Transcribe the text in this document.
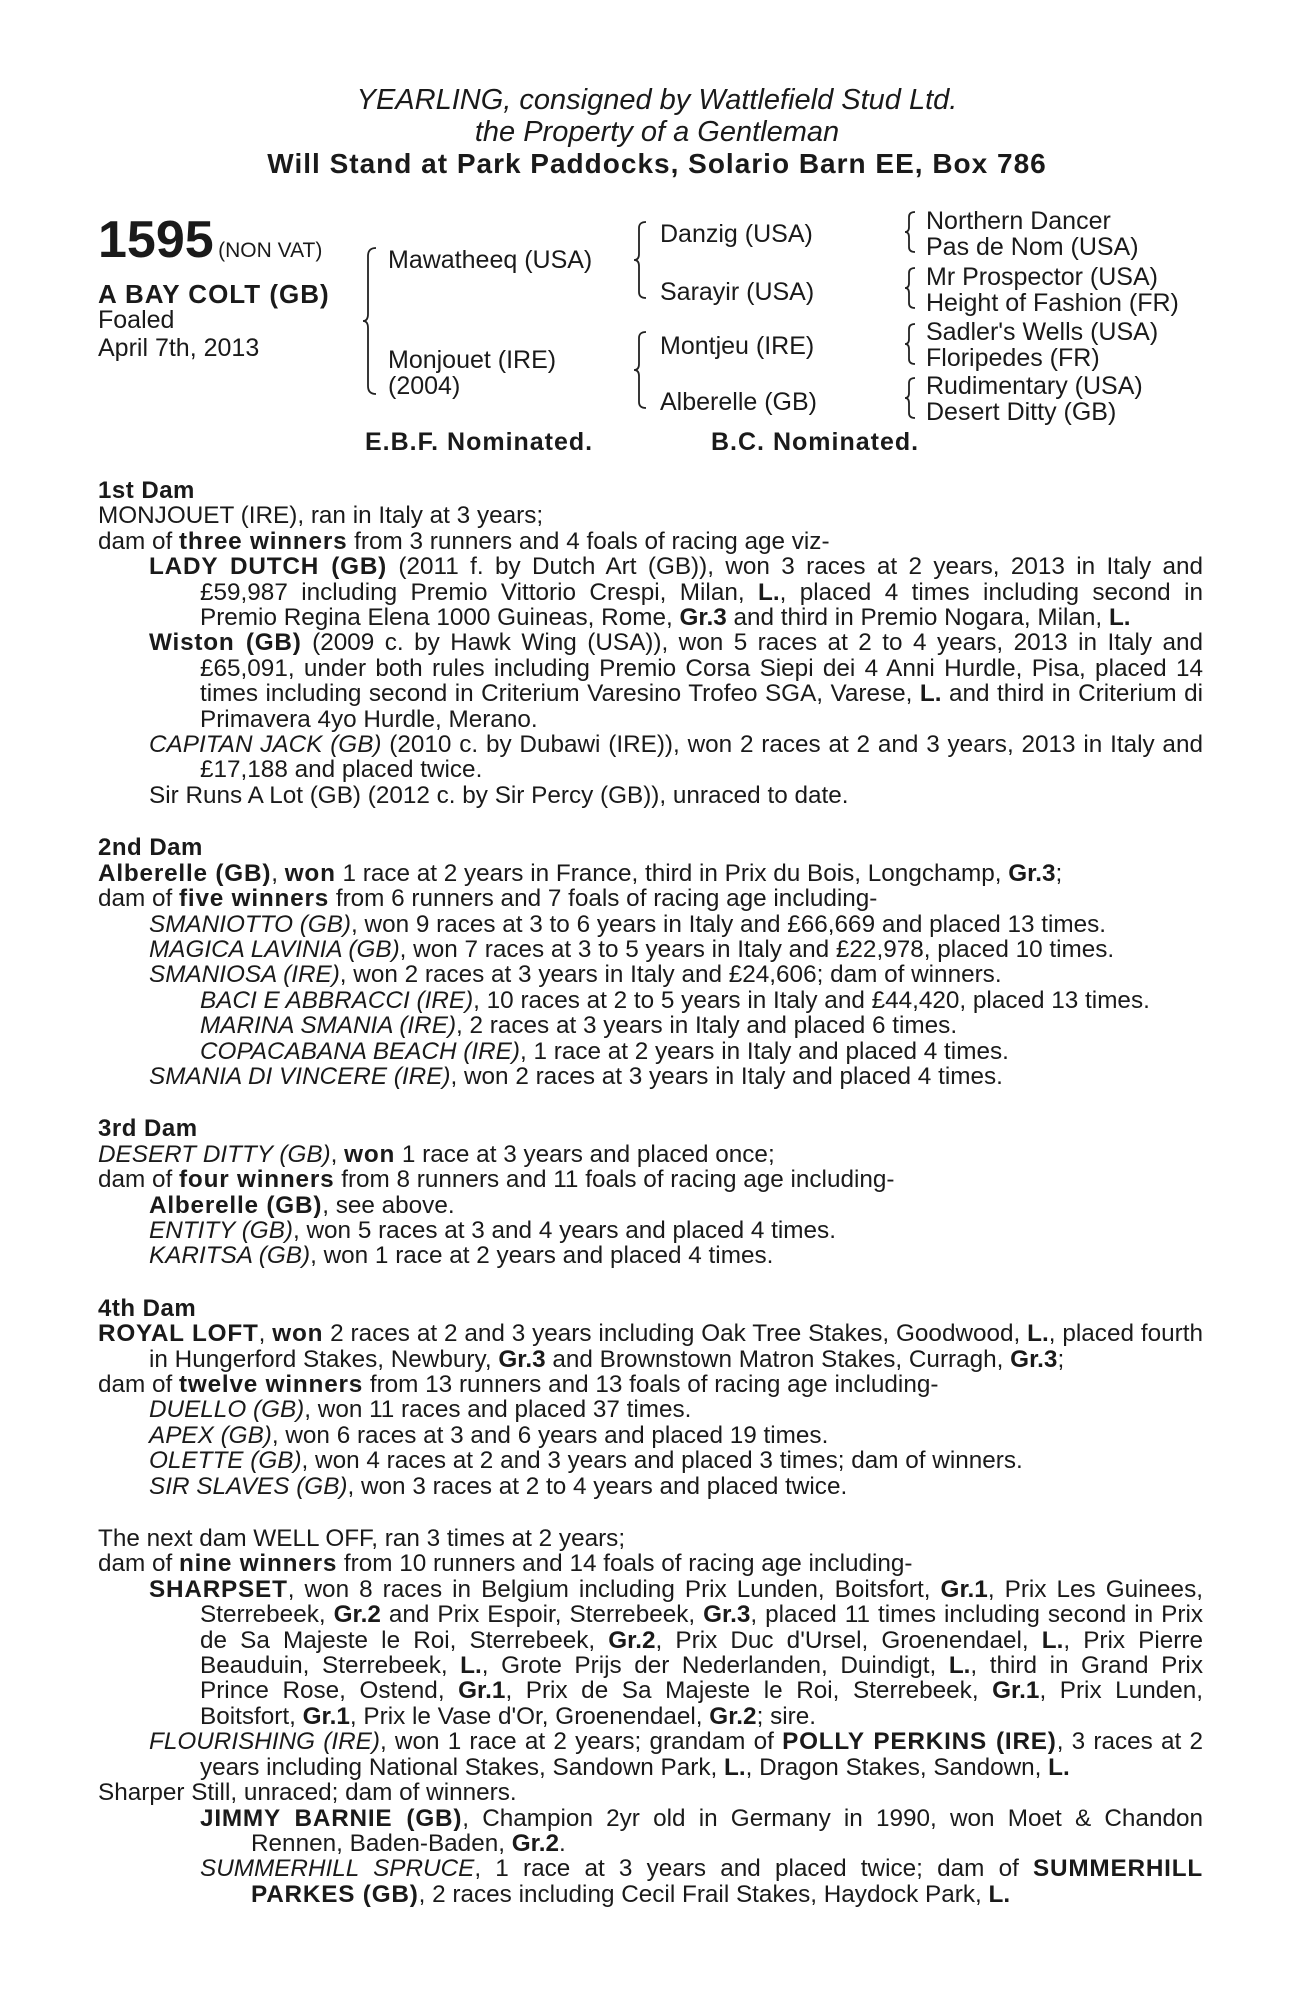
YEARLING, consigned by Wattlefield Stud Ltd.
the Property of a Gentleman
Will Stand at Park Paddocks, Solario Barn EE, Box 786
1595 (NON VAT)
A BAY COLT (GB)
Foaled
April 7th, 2013
Mawatheeq (USA)
Monjouet (IRE)
(2004)
Danzig (USA)
Sarayir (USA)
Montjeu (IRE)
Alberelle (GB)
Northern Dancer
Pas de Nom (USA)
Mr Prospector (USA)
Height of Fashion (FR)
Sadler's Wells (USA)
Floripedes (FR)
Rudimentary (USA)
Desert Ditty (GB)
E.B.F. Nominated.	B.C. Nominated.
1st Dam
MONJOUET (IRE), ran in Italy at 3 years;
dam of three winners from 3 runners and 4 foals of racing age viz-
LADY DUTCH (GB) (2011 f. by Dutch Art (GB)), won 3 races at 2 years, 2013 in Italy and £59,987 including Premio Vittorio Crespi, Milan, L., placed 4 times including second in Premio Regina Elena 1000 Guineas, Rome, Gr.3 and third in Premio Nogara, Milan, L.
Wiston (GB) (2009 c. by Hawk Wing (USA)), won 5 races at 2 to 4 years, 2013 in Italy and £65,091, under both rules including Premio Corsa Siepi dei 4 Anni Hurdle, Pisa, placed 14 times including second in Criterium Varesino Trofeo SGA, Varese, L. and third in Criterium di Primavera 4yo Hurdle, Merano.
CAPITAN JACK (GB) (2010 c. by Dubawi (IRE)), won 2 races at 2 and 3 years, 2013 in Italy and £17,188 and placed twice.
Sir Runs A Lot (GB) (2012 c. by Sir Percy (GB)), unraced to date.
2nd Dam
Alberelle (GB), won 1 race at 2 years in France, third in Prix du Bois, Longchamp, Gr.3;
dam of five winners from 6 runners and 7 foals of racing age including-
SMANIOTTO (GB), won 9 races at 3 to 6 years in Italy and £66,669 and placed 13 times.
MAGICA LAVINIA (GB), won 7 races at 3 to 5 years in Italy and £22,978, placed 10 times.
SMANIOSA (IRE), won 2 races at 3 years in Italy and £24,606; dam of winners.
BACI E ABBRACCI (IRE), 10 races at 2 to 5 years in Italy and £44,420, placed 13 times.
MARINA SMANIA (IRE), 2 races at 3 years in Italy and placed 6 times.
COPACABANA BEACH (IRE), 1 race at 2 years in Italy and placed 4 times.
SMANIA DI VINCERE (IRE), won 2 races at 3 years in Italy and placed 4 times.
3rd Dam
DESERT DITTY (GB), won 1 race at 3 years and placed once;
dam of four winners from 8 runners and 11 foals of racing age including-
Alberelle (GB), see above.
ENTITY (GB), won 5 races at 3 and 4 years and placed 4 times.
KARITSA (GB), won 1 race at 2 years and placed 4 times.
4th Dam
ROYAL LOFT, won 2 races at 2 and 3 years including Oak Tree Stakes, Goodwood, L., placed fourth in Hungerford Stakes, Newbury, Gr.3 and Brownstown Matron Stakes, Curragh, Gr.3;
dam of twelve winners from 13 runners and 13 foals of racing age including-
DUELLO (GB), won 11 races and placed 37 times.
APEX (GB), won 6 races at 3 and 6 years and placed 19 times.
OLETTE (GB), won 4 races at 2 and 3 years and placed 3 times; dam of winners.
SIR SLAVES (GB), won 3 races at 2 to 4 years and placed twice.
The next dam WELL OFF, ran 3 times at 2 years;
dam of nine winners from 10 runners and 14 foals of racing age including-
SHARPSET, won 8 races in Belgium including Prix Lunden, Boitsfort, Gr.1, Prix Les Guinees, Sterrebeek, Gr.2 and Prix Espoir, Sterrebeek, Gr.3, placed 11 times including second in Prix de Sa Majeste le Roi, Sterrebeek, Gr.2, Prix Duc d'Ursel, Groenendael, L., Prix Pierre Beauduin, Sterrebeek, L., Grote Prijs der Nederlanden, Duindigt, L., third in Grand Prix Prince Rose, Ostend, Gr.1, Prix de Sa Majeste le Roi, Sterrebeek, Gr.1, Prix Lunden, Boitsfort, Gr.1, Prix le Vase d'Or, Groenendael, Gr.2; sire.
FLOURISHING (IRE), won 1 race at 2 years; grandam of POLLY PERKINS (IRE), 3 races at 2 years including National Stakes, Sandown Park, L., Dragon Stakes, Sandown, L.
Sharper Still, unraced; dam of winners.
JIMMY BARNIE (GB), Champion 2yr old in Germany in 1990, won Moet & Chandon Rennen, Baden-Baden, Gr.2.
SUMMERHILL SPRUCE, 1 race at 3 years and placed twice; dam of SUMMERHILL PARKES (GB), 2 races including Cecil Frail Stakes, Haydock Park, L.
